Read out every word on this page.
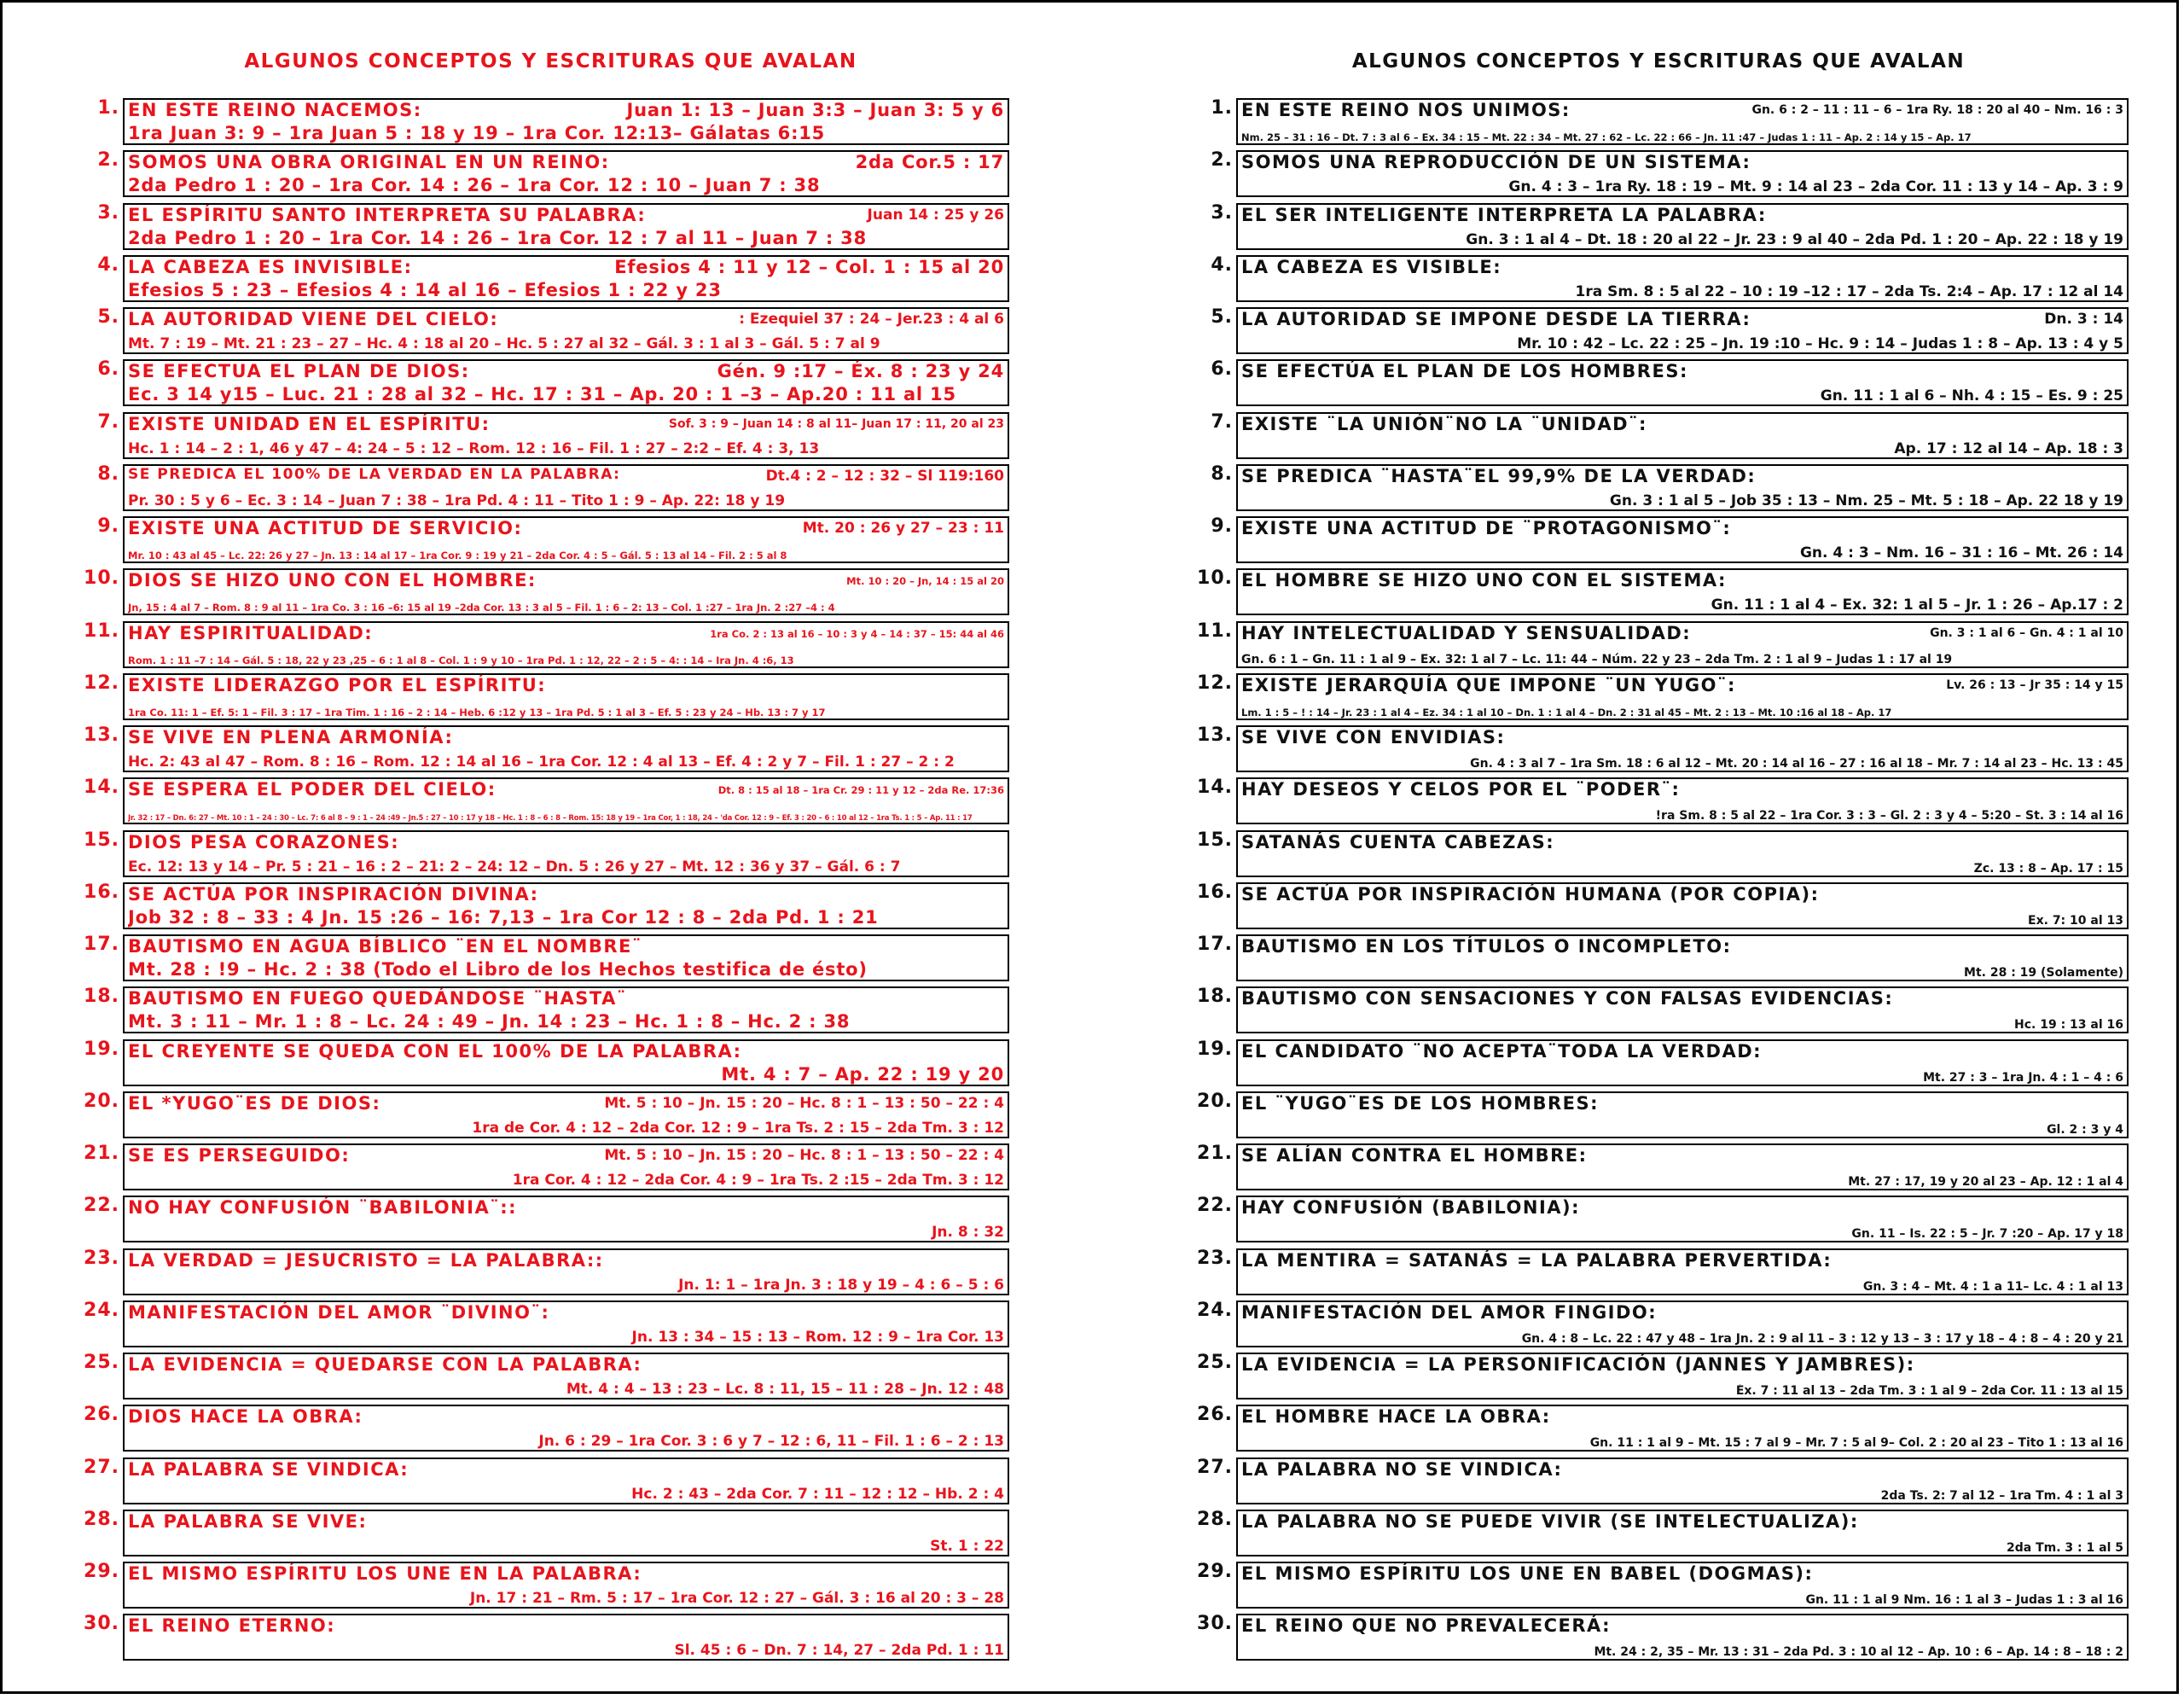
ALGUNOS CONCEPTOS Y ESCRITURAS QUE AVALAN
1. EN ESTE REINO NACEMOS:	Juan 1: 13 – Juan 3:3 – Juan 3: 5 y 6
1ra Juan 3: 9 – 1ra Juan 5 : 18 y 19 – 1ra Cor. 12:13– Gálatas 6:15
2. SOMOS UNA OBRA ORIGINAL EN UN REINO:	2da Cor.5 : 17
2da Pedro 1 : 20 – 1ra Cor. 14 : 26 – 1ra Cor. 12 : 10 – Juan 7 : 38
3. EL ESPÍRITU SANTO INTERPRETA SU PALABRA:	Juan 14 : 25 y 26
2da Pedro 1 : 20 – 1ra Cor. 14 : 26 – 1ra Cor. 12 : 7 al 11 – Juan 7 : 38
4. LA CABEZA ES INVISIBLE:	Efesios 4 : 11 y 12 – Col. 1 : 15 al 20
Efesios 5 : 23 – Efesios 4 : 14 al 16 – Efesios 1 : 22 y 23
5. LA AUTORIDAD VIENE DEL CIELO:	: Ezequiel 37 : 24 – Jer.23 : 4 al 6
Mt. 7 : 19 – Mt. 21 : 23 – 27 – Hc. 4 : 18 al 20 – Hc. 5 : 27 al 32 – Gál. 3 : 1 al 3 – Gál. 5 : 7 al 9
6. SE EFECTUA EL PLAN DE DIOS:	Gén. 9 :17 – Éx. 8 : 23 y 24
Ec. 3 14 y15 – Luc. 21 : 28 al 32 – Hc. 17 : 31 – Ap. 20 : 1 –3 – Ap.20 : 11 al 15
7. EXISTE UNIDAD EN EL ESPÍRITU:	Sof. 3 : 9 – Juan 14 : 8 al 11– Juan 17 : 11, 20 al 23
Hc. 1 : 14 – 2 : 1, 46 y 47 – 4: 24 – 5 : 12 – Rom. 12 : 16 – Fil. 1 : 27 – 2:2 – Ef. 4 : 3, 13
8. SE PREDICA EL 100% DE LA VERDAD EN LA PALABRA:	Dt.4 : 2 – 12 : 32 – Sl 119:160
Pr. 30 : 5 y 6 – Ec. 3 : 14 – Juan 7 : 38 – 1ra Pd. 4 : 11 – Tito 1 : 9 – Ap. 22: 18 y 19
9. EXISTE UNA ACTITUD DE SERVICIO:	Mt. 20 : 26 y 27 – 23 : 11
Mr. 10 : 43 al 45 – Lc. 22: 26 y 27 – Jn. 13 : 14 al 17 – 1ra Cor. 9 : 19 y 21 – 2da Cor. 4 : 5 – Gál. 5 : 13 al 14 – Fil. 2 : 5 al 8
10. DIOS SE HIZO UNO CON EL HOMBRE:	Mt. 10 : 20 – Jn, 14 : 15 al 20
Jn, 15 : 4 al 7 – Rom. 8 : 9 al 11 – 1ra Co. 3 : 16 –6: 15 al 19 –2da Cor. 13 : 3 al 5 – Fil. 1 : 6 – 2: 13 – Col. 1 :27 – 1ra Jn. 2 :27 –4 : 4
11. HAY ESPIRITUALIDAD:	1ra Co. 2 : 13 al 16 – 10 : 3 y 4 – 14 : 37 – 15: 44 al 46
Rom. 1 : 11 –7 : 14 – Gál. 5 : 18, 22 y 23 ,25 – 6 : 1 al 8 – Col. 1 : 9 y 10 – 1ra Pd. 1 : 12, 22 – 2 : 5 – 4: : 14 – Ira Jn. 4 :6, 13
12. EXISTE LIDERAZGO POR EL ESPÍRITU:
1ra Co. 11: 1 – Ef. 5: 1 – Fil. 3 : 17 – 1ra Tim. 1 : 16 – 2 : 14 – Heb. 6 :12 y 13 – 1ra Pd. 5 : 1 al 3 – Ef. 5 : 23 y 24 – Hb. 13 : 7 y 17
13. SE VIVE EN PLENA ARMONÍA:
Hc. 2: 43 al 47 – Rom. 8 : 16 – Rom. 12 : 14 al 16 – 1ra Cor. 12 : 4 al 13 – Ef. 4 : 2 y 7 – Fil. 1 : 27 – 2 : 2
14. SE ESPERA EL PODER DEL CIELO:	Dt. 8 : 15 al 18 – 1ra Cr. 29 : 11 y 12 – 2da Re. 17:36
Jr. 32 : 17 – Dn. 6: 27 – Mt. 10 : 1 – 24 : 30 – Lc. 7: 6 al 8 – 9 : 1 – 24 :49 – Jn.5 : 27 – 10 : 17 y 18 – Hc. 1 : 8 – 6 : 8 – Rom. 15: 18 y 19 – 1ra Cor, 1 : 18, 24 – 'da Cor. 12 : 9 – Ef. 3 : 20 – 6 : 10 al 12 – 1ra Ts. 1 : 5 – Ap. 11 : 17
15. DIOS PESA CORAZONES:
Ec. 12: 13 y 14 – Pr. 5 : 21 – 16 : 2 – 21: 2 – 24: 12 – Dn. 5 : 26 y 27 – Mt. 12 : 36 y 37 – Gál. 6 : 7
16. SE ACTÚA POR INSPIRACIÓN DIVINA:
Job 32 : 8 – 33 : 4 Jn. 15 :26 – 16: 7,13 – 1ra Cor 12 : 8 – 2da Pd. 1 : 21
17. BAUTISMO EN AGUA BÍBLICO ¨EN EL NOMBRE¨
Mt. 28 : !9 – Hc. 2 : 38 (Todo el Libro de los Hechos testifica de ésto)
18. BAUTISMO EN FUEGO QUEDÁNDOSE ¨HASTA¨
Mt. 3 : 11 – Mr. 1 : 8 – Lc. 24 : 49 – Jn. 14 : 23 – Hc. 1 : 8 – Hc. 2 : 38
19. EL CREYENTE SE QUEDA CON EL 100% DE LA PALABRA:
Mt. 4 : 7 – Ap. 22 : 19 y 20
20. EL *YUGO¨ES DE DIOS:	Mt. 5 : 10 – Jn. 15 : 20 – Hc. 8 : 1 – 13 : 50 – 22 : 4
1ra de Cor. 4 : 12 – 2da Cor. 12 : 9 – 1ra Ts. 2 : 15 – 2da Tm. 3 : 12
21. SE ES PERSEGUIDO:	Mt. 5 : 10 – Jn. 15 : 20 – Hc. 8 : 1 – 13 : 50 – 22 : 4
1ra Cor. 4 : 12 – 2da Cor. 4 : 9 – 1ra Ts. 2 :15 – 2da Tm. 3 : 12
22. NO HAY CONFUSIÓN ¨BABILONIA¨::
Jn. 8 : 32
23. LA VERDAD = JESUCRISTO = LA PALABRA::
Jn. 1: 1 – 1ra Jn. 3 : 18 y 19 – 4 : 6 – 5 : 6
24. MANIFESTACIÓN DEL AMOR ¨DIVINO¨:
Jn. 13 : 34 – 15 : 13 – Rom. 12 : 9 – 1ra Cor. 13
25. LA EVIDENCIA = QUEDARSE CON LA PALABRA:
Mt. 4 : 4 – 13 : 23 – Lc. 8 : 11, 15 – 11 : 28 – Jn. 12 : 48
26. DIOS HACE LA OBRA:
Jn. 6 : 29 – 1ra Cor. 3 : 6 y 7 – 12 : 6, 11 – Fil. 1 : 6 – 2 : 13
27. LA PALABRA SE VINDICA:
Hc. 2 : 43 – 2da Cor. 7 : 11 – 12 : 12 – Hb. 2 : 4
28. LA PALABRA SE VIVE:
St. 1 : 22
29. EL MISMO ESPÍRITU LOS UNE EN LA PALABRA:
Jn. 17 : 21 – Rm. 5 : 17 – 1ra Cor. 12 : 27 – Gál. 3 : 16 al 20 : 3 – 28
30. EL REINO ETERNO:
Sl. 45 : 6 – Dn. 7 : 14, 27 – 2da Pd. 1 : 11
ALGUNOS CONCEPTOS Y ESCRITURAS QUE AVALAN
1. EN ESTE REINO NOS UNIMOS:	Gn. 6 : 2 – 11 : 11 – 6 – 1ra Ry. 18 : 20 al 40 – Nm. 16 : 3
Nm. 25 – 31 : 16 – Dt. 7 : 3 al 6 – Ex. 34 : 15 – Mt. 22 : 34 – Mt. 27 : 62 – Lc. 22 : 66 – Jn. 11 :47 – Judas 1 : 11 – Ap. 2 : 14 y 15 – Ap. 17
2. SOMOS UNA REPRODUCCIÓN DE UN SISTEMA:
Gn. 4 : 3 – 1ra Ry. 18 : 19 – Mt. 9 : 14 al 23 – 2da Cor. 11 : 13 y 14 – Ap. 3 : 9
3. EL SER INTELIGENTE INTERPRETA LA PALABRA:
Gn. 3 : 1 al 4 – Dt. 18 : 20 al 22 – Jr. 23 : 9 al 40 – 2da Pd. 1 : 20 – Ap. 22 : 18 y 19
4. LA CABEZA ES VISIBLE:
1ra Sm. 8 : 5 al 22 – 10 : 19 –12 : 17 – 2da Ts. 2:4 – Ap. 17 : 12 al 14
5. LA AUTORIDAD SE IMPONE DESDE LA TIERRA:	Dn. 3 : 14
Mr. 10 : 42 – Lc. 22 : 25 – Jn. 19 :10 – Hc. 9 : 14 – Judas 1 : 8 – Ap. 13 : 4 y 5
6. SE EFECTÚA EL PLAN DE LOS HOMBRES:
Gn. 11 : 1 al 6 – Nh. 4 : 15 – Es. 9 : 25
7. EXISTE ¨LA UNIÓN¨NO LA ¨UNIDAD¨:
Ap. 17 : 12 al 14 – Ap. 18 : 3
8. SE PREDICA ¨HASTA¨EL 99,9% DE LA VERDAD:
Gn. 3 : 1 al 5 – Job 35 : 13 – Nm. 25 – Mt. 5 : 18 – Ap. 22 18 y 19
9. EXISTE UNA ACTITUD DE ¨PROTAGONISMO¨:
Gn. 4 : 3 – Nm. 16 – 31 : 16 – Mt. 26 : 14
10. EL HOMBRE SE HIZO UNO CON EL SISTEMA:
Gn. 11 : 1 al 4 – Ex. 32: 1 al 5 – Jr. 1 : 26 – Ap.17 : 2
11. HAY INTELECTUALIDAD Y SENSUALIDAD:	Gn. 3 : 1 al 6 – Gn. 4 : 1 al 10
Gn. 6 : 1 – Gn. 11 : 1 al 9 – Ex. 32: 1 al 7 – Lc. 11: 44 – Núm. 22 y 23 – 2da Tm. 2 : 1 al 9 – Judas 1 : 17 al 19
12. EXISTE JERARQUÍA QUE IMPONE ¨UN YUGO¨:	Lv. 26 : 13 – Jr 35 : 14 y 15
Lm. 1 : 5 – ! : 14 – Jr. 23 : 1 al 4 – Ez. 34 : 1 al 10 – Dn. 1 : 1 al 4 – Dn. 2 : 31 al 45 – Mt. 2 : 13 – Mt. 10 :16 al 18 – Ap. 17
13. SE VIVE CON ENVIDIAS:
Gn. 4 : 3 al 7 – 1ra Sm. 18 : 6 al 12 – Mt. 20 : 14 al 16 – 27 : 16 al 18 – Mr. 7 : 14 al 23 – Hc. 13 : 45
14. HAY DESEOS Y CELOS POR EL ¨PODER¨:
!ra Sm. 8 : 5 al 22 – 1ra Cor. 3 : 3 – Gl. 2 : 3 y 4 – 5:20 – St. 3 : 14 al 16
15. SATANÁS CUENTA CABEZAS:
Zc. 13 : 8 – Ap. 17 : 15
16. SE ACTÚA POR INSPIRACIÓN HUMANA (POR COPIA):
Ex. 7: 10 al 13
17. BAUTISMO EN LOS TÍTULOS O INCOMPLETO:
Mt. 28 : 19 (Solamente)
18. BAUTISMO CON SENSACIONES Y CON FALSAS EVIDENCIAS:
Hc. 19 : 13 al 16
19. EL CANDIDATO ¨NO ACEPTA¨TODA LA VERDAD:
Mt. 27 : 3 – 1ra Jn. 4 : 1 – 4 : 6
20. EL ¨YUGO¨ES DE LOS HOMBRES:
Gl. 2 : 3 y 4
21. SE ALÍAN CONTRA EL HOMBRE:
Mt. 27 : 17, 19 y 20 al 23 – Ap. 12 : 1 al 4
22. HAY CONFUSIÓN (BABILONIA):
Gn. 11 – Is. 22 : 5 – Jr. 7 :20 – Ap. 17 y 18
23. LA MENTIRA = SATANÁS = LA PALABRA PERVERTIDA:
Gn. 3 : 4 – Mt. 4 : 1 a 11– Lc. 4 : 1 al 13
24. MANIFESTACIÓN DEL AMOR FINGIDO:
Gn. 4 : 8 – Lc. 22 : 47 y 48 – 1ra Jn. 2 : 9 al 11 – 3 : 12 y 13 – 3 : 17 y 18 – 4 : 8 – 4 : 20 y 21
25. LA EVIDENCIA = LA PERSONIFICACIÓN (JANNES Y JAMBRES):
Éx. 7 : 11 al 13 – 2da Tm. 3 : 1 al 9 – 2da Cor. 11 : 13 al 15
26. EL HOMBRE HACE LA OBRA:
Gn. 11 : 1 al 9 – Mt. 15 : 7 al 9 – Mr. 7 : 5 al 9– Col. 2 : 20 al 23 – Tito 1 : 13 al 16
27. LA PALABRA NO SE VINDICA:
2da Ts. 2: 7 al 12 – 1ra Tm. 4 : 1 al 3
28. LA PALABRA NO SE PUEDE VIVIR (SE INTELECTUALIZA):
2da Tm. 3 : 1 al 5
29. EL MISMO ESPÍRITU LOS UNE EN BABEL (DOGMAS):
Gn. 11 : 1 al 9 Nm. 16 : 1 al 3 – Judas 1 : 3 al 16
30. EL REINO QUE NO PREVALECERÁ:
Mt. 24 : 2, 35 – Mr. 13 : 31 – 2da Pd. 3 : 10 al 12 – Ap. 10 : 6 – Ap. 14 : 8 – 18 : 2
